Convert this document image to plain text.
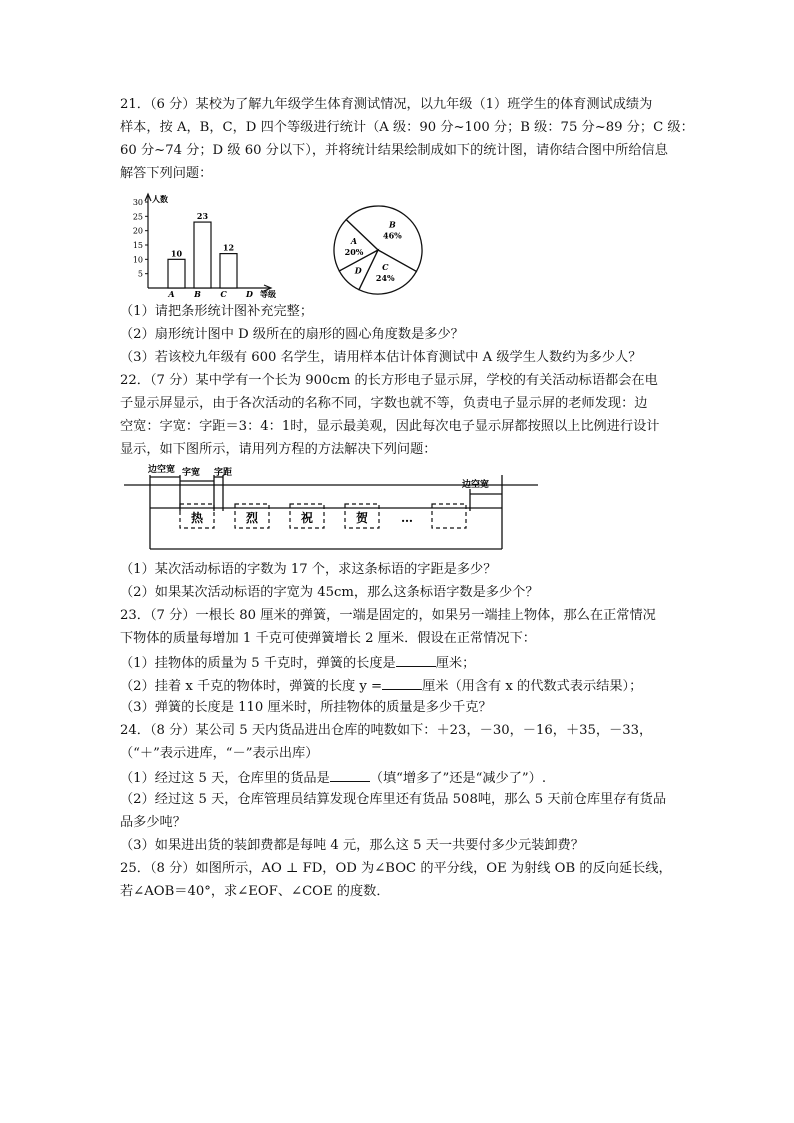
21．（6 分）某校为了解九年级学生体育测试情况，以九年级（1）班学生的体育测试成绩为
样本，按 A，B，C，D 四个等级进行统计（A 级：90 分~100 分；B 级：75 分~89 分；C 级：
60 分~74 分；D 级 60 分以下），并将统计结果绘制成如下的统计图，请你结合图中所给信息
解答下列问题：
5
10
15
20
25
30
10
A
23
B
12
C D
人数
等级
B
46%
C
24%
D
A
20%
（1）请把条形统计图补充完整；
（2）扇形统计图中 D 级所在的扇形的圆心角度数是多少？
（3）若该校九年级有 600 名学生，请用样本估计体育测试中 A 级学生人数约为多少人？
22．（7 分）某中学有一个长为 900cm 的长方形电子显示屏，学校的有关活动标语都会在电
子显示屏显示，由于各次活动的名称不同，字数也就不等，负责电子显示屏的老师发现：边
空宽：字宽：字距＝3：4：1时，显示最美观，因此每次电子显示屏都按照以上比例进行设计
显示，如下图所示，请用列方程的方法解决下列问题：
边空宽 字宽 字距
边空宽
热	烈	祝	贺	…
（1）某次活动标语的字数为 17 个，求这条标语的字距是多少？
（2）如果某次活动标语的字宽为 45cm，那么这条标语字数是多少个？
23．（7 分）一根长 80 厘米的弹簧，一端是固定的，如果另一端挂上物体，那么在正常情况
下物体的质量每增加 1 千克可使弹簧增长 2 厘米．假设在正常情况下：
（1）挂物体的质量为 5 千克时，弹簧的长度是	厘米；
（2）挂着 x 千克的物体时，弹簧的长度 y =	厘米（用含有 x 的代数式表示结果）；
（3）弹簧的长度是 110 厘米时，所挂物体的质量是多少千克？
24．（8 分）某公司 5 天内货品进出仓库的吨数如下：＋23，－30，－16，＋35，－33，
（“＋”表示进库，“－”表示出库）
（1）经过这 5 天，仓库里的货品是	（填“增多了”还是“减少了”）.
（2）经过这 5 天，仓库管理员结算发现仓库里还有货品 508吨，那么 5 天前仓库里存有货品
品多少吨？
（3）如果进出货的装卸费都是每吨 4 元，那么这 5 天一共要付多少元装卸费？
25．（8 分）如图所示，AO ⊥ FD，OD 为∠BOC 的平分线，OE 为射线 OB 的反向延长线，
若∠AOB＝40°，求∠EOF、∠COE 的度数．
